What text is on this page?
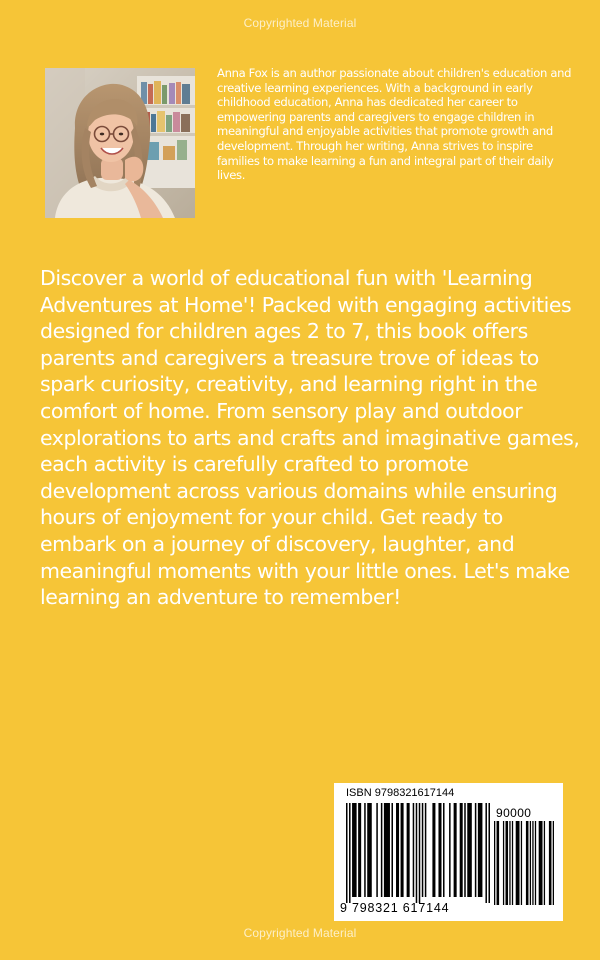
Copyrighted Material

Anna Fox is an author passionate about children's education and creative learning experiences. With a background in early childhood education, Anna has dedicated her career to empowering parents and caregivers to engage children in meaningful and enjoyable activities that promote growth and development. Through her writing, Anna strives to inspire families to make learning a fun and integral part of their daily lives.

Discover a world of educational fun with 'Learning Adventures at Home'! Packed with engaging activities designed for children ages 2 to 7, this book offers parents and caregivers a treasure trove of ideas to spark curiosity, creativity, and learning right in the comfort of home. From sensory play and outdoor explorations to arts and crafts and imaginative games, each activity is carefully crafted to promote development across various domains while ensuring hours of enjoyment for your child. Get ready to embark on a journey of discovery, laughter, and meaningful moments with your little ones. Let's make learning an adventure to remember!

ISBN 9798321617144
90000
9 798321 617144
Copyrighted Material
